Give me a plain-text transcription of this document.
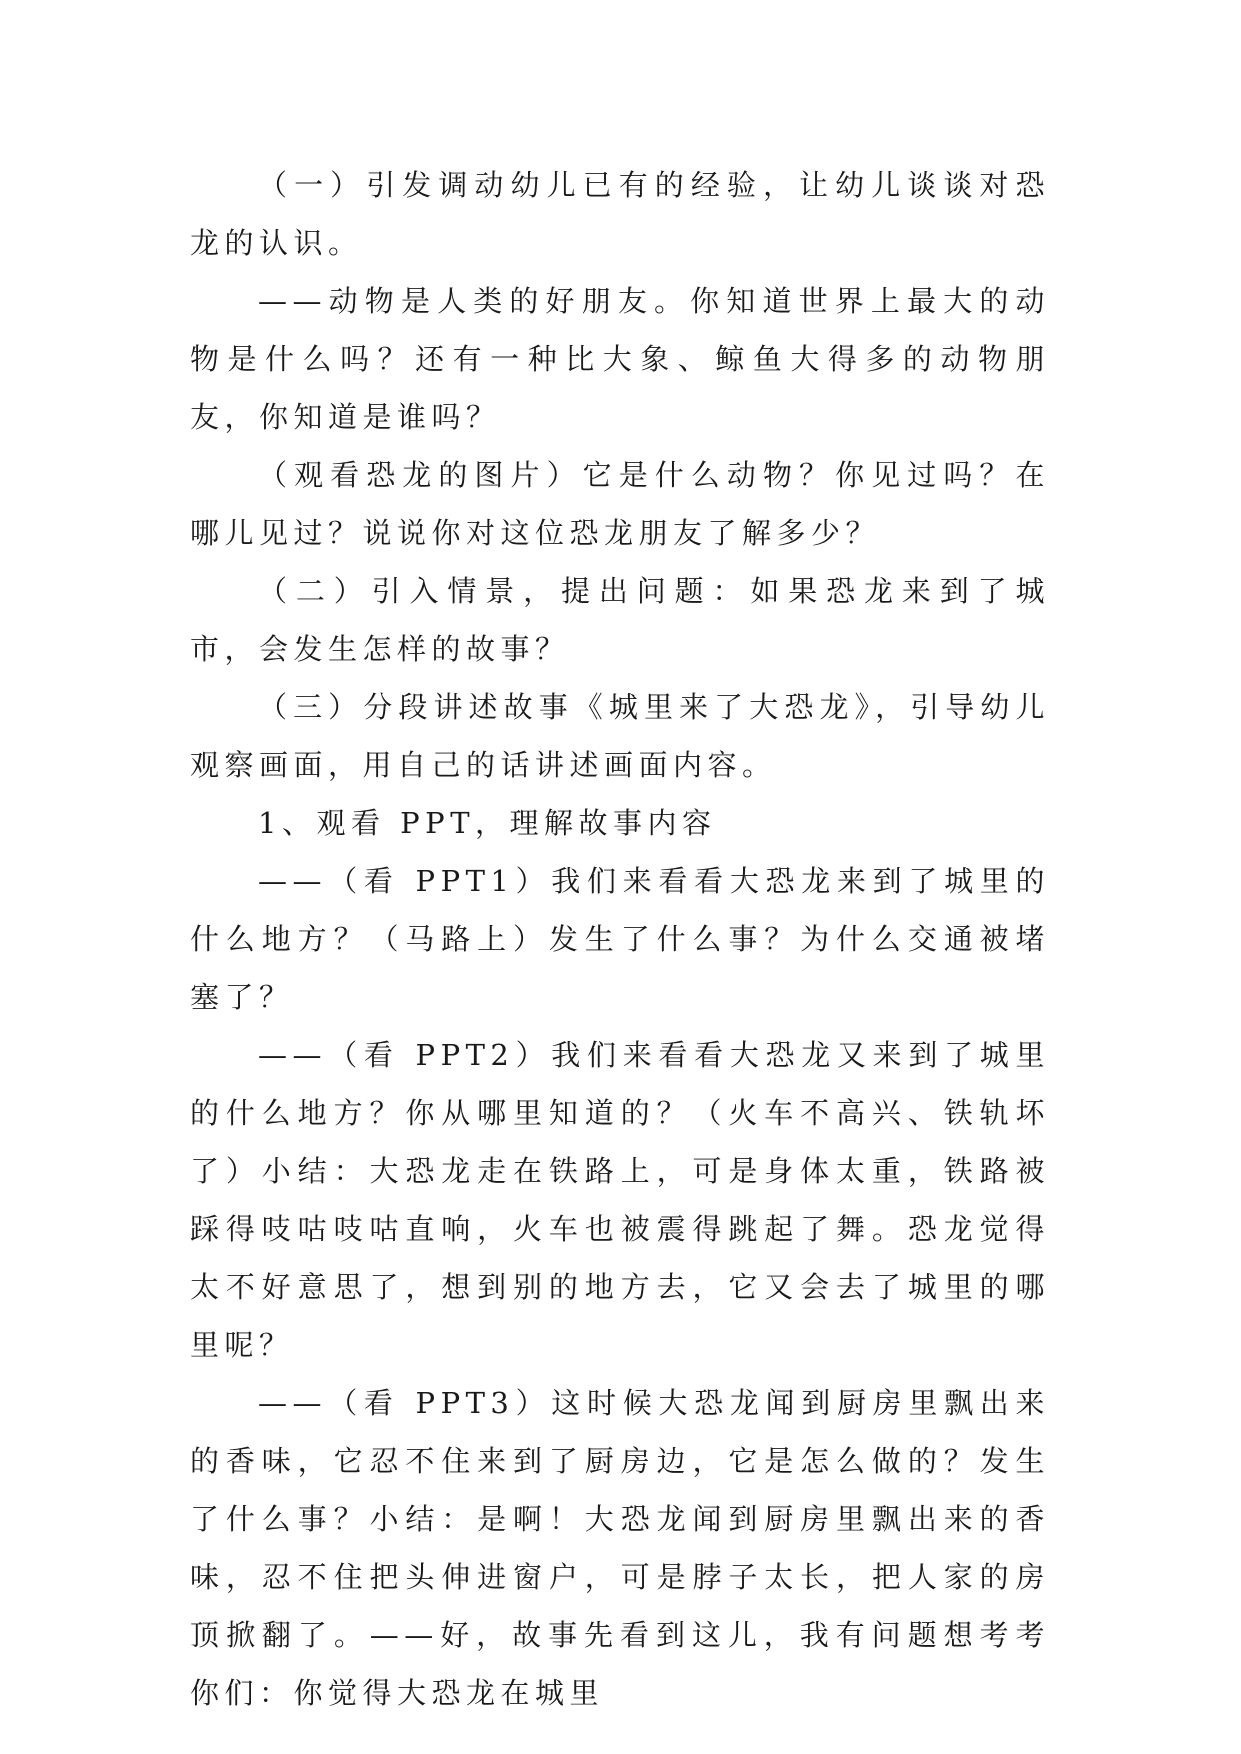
（一）引发调动幼儿已有的经验，让幼儿谈谈对恐龙的认识。

——动物是人类的好朋友。你知道世界上最大的动物是什么吗？还有一种比大象、鲸鱼大得多的动物朋友，你知道是谁吗？

（观看恐龙的图片）它是什么动物？你见过吗？在哪儿见过？说说你对这位恐龙朋友了解多少？

（二）引入情景，提出问题：如果恐龙来到了城市，会发生怎样的故事？

（三）分段讲述故事《城里来了大恐龙》，引导幼儿观察画面，用自己的话讲述画面内容。

1、观看 PPT，理解故事内容

——（看 PPT1）我们来看看大恐龙来到了城里的什么地方？（马路上）发生了什么事？为什么交通被堵塞了？

——（看 PPT2）我们来看看大恐龙又来到了城里的什么地方？你从哪里知道的？（火车不高兴、铁轨坏了）小结：大恐龙走在铁路上，可是身体太重，铁路被踩得吱咕吱咕直响，火车也被震得跳起了舞。恐龙觉得太不好意思了，想到别的地方去，它又会去了城里的哪里呢？

——（看 PPT3）这时候大恐龙闻到厨房里飘出来的香味，它忍不住来到了厨房边，它是怎么做的？发生了什么事？小结：是啊！大恐龙闻到厨房里飘出来的香味，忍不住把头伸进窗户，可是脖子太长，把人家的房顶掀翻了。——好，故事先看到这儿，我有问题想考考你们：你觉得大恐龙在城里
